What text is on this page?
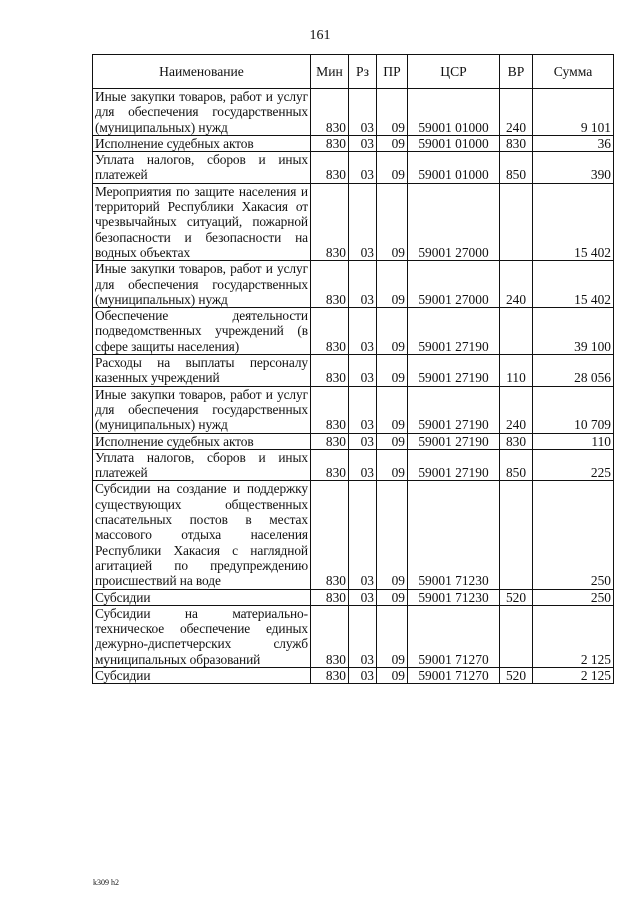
161
Наименование	Мин	Рз	ПР	ЦСР	ВР	Сумма
Иные закупки товаров, работ и услуг для обеспечения государственных (муниципальных) нужд	830	03	09	59001 01000	240	9 101
Исполнение судебных актов	830	03	09	59001 01000	830	36
Уплата налогов, сборов и иных платежей	830	03	09	59001 01000	850	390
Мероприятия по защите населения и территорий Республики Хакасия от чрезвычайных ситуаций, пожарной безопасности и безопасности на водных объектах	830	03	09	59001 27000		15 402
Иные закупки товаров, работ и услуг для обеспечения государственных (муниципальных) нужд	830	03	09	59001 27000	240	15 402
Обеспечение деятельности подведомственных учреждений (в сфере защиты населения)	830	03	09	59001 27190		39 100
Расходы на выплаты персоналу казенных учреждений	830	03	09	59001 27190	110	28 056
Иные закупки товаров, работ и услуг для обеспечения государственных (муниципальных) нужд	830	03	09	59001 27190	240	10 709
Исполнение судебных актов	830	03	09	59001 27190	830	110
Уплата налогов, сборов и иных платежей	830	03	09	59001 27190	850	225
Субсидии на создание и поддержку существующих общественных спасательных постов в местах массового отдыха населения Республики Хакасия с наглядной агитацией по предупреждению происшествий на воде	830	03	09	59001 71230		250
Субсидии	830	03	09	59001 71230	520	250
Субсидии на материально-техническое обеспечение единых дежурно-диспетчерских служб муниципальных образований	830	03	09	59001 71270		2 125
Субсидии	830	03	09	59001 71270	520	2 125
k309 h2
